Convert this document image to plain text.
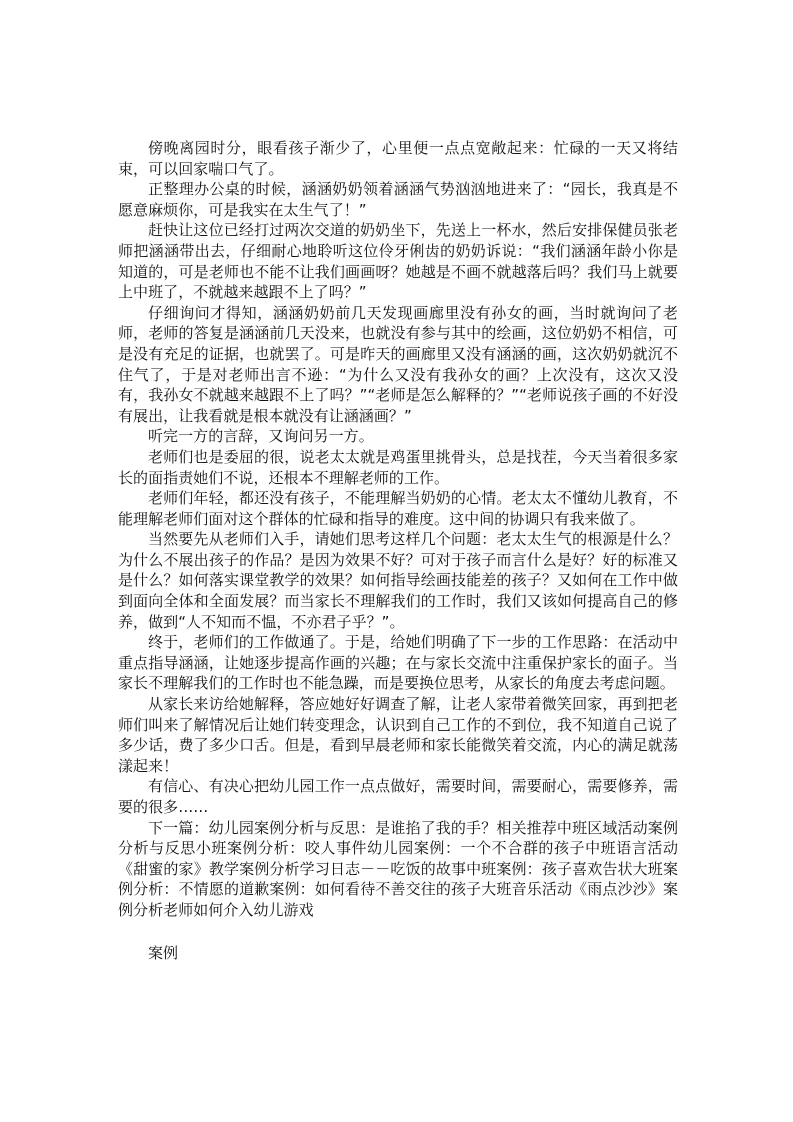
傍晚离园时分，眼看孩子渐少了，心里便一点点宽敞起来：忙碌的一天又将结束，可以回家喘口气了。

正整理办公桌的时候，涵涵奶奶领着涵涵气势汹汹地进来了：“园长，我真是不愿意麻烦你，可是我实在太生气了！”

赶快让这位已经打过两次交道的奶奶坐下，先送上一杯水，然后安排保健员张老师把涵涵带出去，仔细耐心地聆听这位伶牙俐齿的奶奶诉说：“我们涵涵年龄小你是知道的，可是老师也不能不让我们画画呀？她越是不画不就越落后吗？我们马上就要上中班了，不就越来越跟不上了吗？”

仔细询问才得知，涵涵奶奶前几天发现画廊里没有孙女的画，当时就询问了老师，老师的答复是涵涵前几天没来，也就没有参与其中的绘画，这位奶奶不相信，可是没有充足的证据，也就罢了。可是昨天的画廊里又没有涵涵的画，这次奶奶就沉不住气了，于是对老师出言不逊：“为什么又没有我孙女的画？上次没有，这次又没有，我孙女不就越来越跟不上了吗？”“老师是怎么解释的？”“老师说孩子画的不好没有展出，让我看就是根本就没有让涵涵画？”

听完一方的言辞，又询问另一方。

老师们也是委屈的很，说老太太就是鸡蛋里挑骨头，总是找茬，今天当着很多家长的面指责她们不说，还根本不理解老师的工作。

老师们年轻，都还没有孩子，不能理解当奶奶的心情。老太太不懂幼儿教育，不能理解老师们面对这个群体的忙碌和指导的难度。这中间的协调只有我来做了。

当然要先从老师们入手，请她们思考这样几个问题：老太太生气的根源是什么？为什么不展出孩子的作品？是因为效果不好？可对于孩子而言什么是好？好的标准又是什么？如何落实课堂教学的效果？如何指导绘画技能差的孩子？又如何在工作中做到面向全体和全面发展？而当家长不理解我们的工作时，我们又该如何提高自己的修养，做到“人不知而不愠，不亦君子乎？”。

终于，老师们的工作做通了。于是，给她们明确了下一步的工作思路：在活动中重点指导涵涵，让她逐步提高作画的兴趣；在与家长交流中注重保护家长的面子。当家长不理解我们的工作时也不能急躁，而是要换位思考，从家长的角度去考虑问题。

从家长来访给她解释，答应她好好调查了解，让老人家带着微笑回家，再到把老师们叫来了解情况后让她们转变理念，认识到自己工作的不到位，我不知道自己说了多少话，费了多少口舌。但是，看到早晨老师和家长能微笑着交流，内心的满足就荡漾起来！

有信心、有决心把幼儿园工作一点点做好，需要时间，需要耐心，需要修养，需要的很多……

下一篇：幼儿园案例分析与反思：是谁掐了我的手？相关推荐中班区域活动案例分析与反思小班案例分析：咬人事件幼儿园案例：一个不合群的孩子中班语言活动《甜蜜的家》教学案例分析学习日志－－吃饭的故事中班案例：孩子喜欢告状大班案例分析：不情愿的道歉案例：如何看待不善交往的孩子大班音乐活动《雨点沙沙》案例分析老师如何介入幼儿游戏

案例
